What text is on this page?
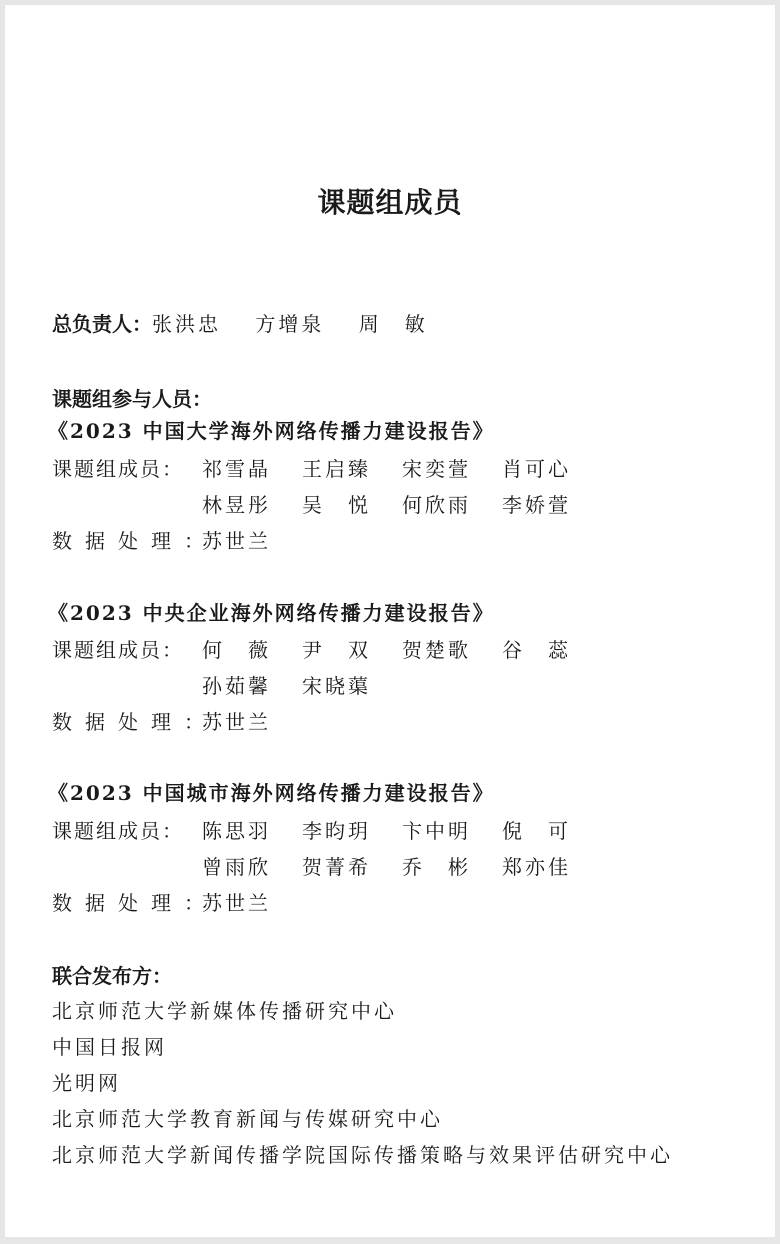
课题组成员
总负责人： 张洪忠 方增泉 周　敏
课题组参与人员：
《2023 中国大学海外网络传播力建设报告》
课题组成员： 祁雪晶	王启臻	宋奕萱	肖可心
林昱彤	吴　悦	何欣雨	李娇萱
数据处理：
苏世兰
《2023 中央企业海外网络传播力建设报告》
课题组成员： 何　薇	尹　双	贺楚歌	谷　蕊
孙茹馨	宋晓蕖
数据处理：
苏世兰
《2023 中国城市海外网络传播力建设报告》
课题组成员： 陈思羽	李昀玥	卞中明	倪　可
曾雨欣	贺菁希	乔　彬	郑亦佳
数据处理：
苏世兰
联合发布方：
北京师范大学新媒体传播研究中心
中国日报网
光明网
北京师范大学教育新闻与传媒研究中心
北京师范大学新闻传播学院国际传播策略与效果评估研究中心
